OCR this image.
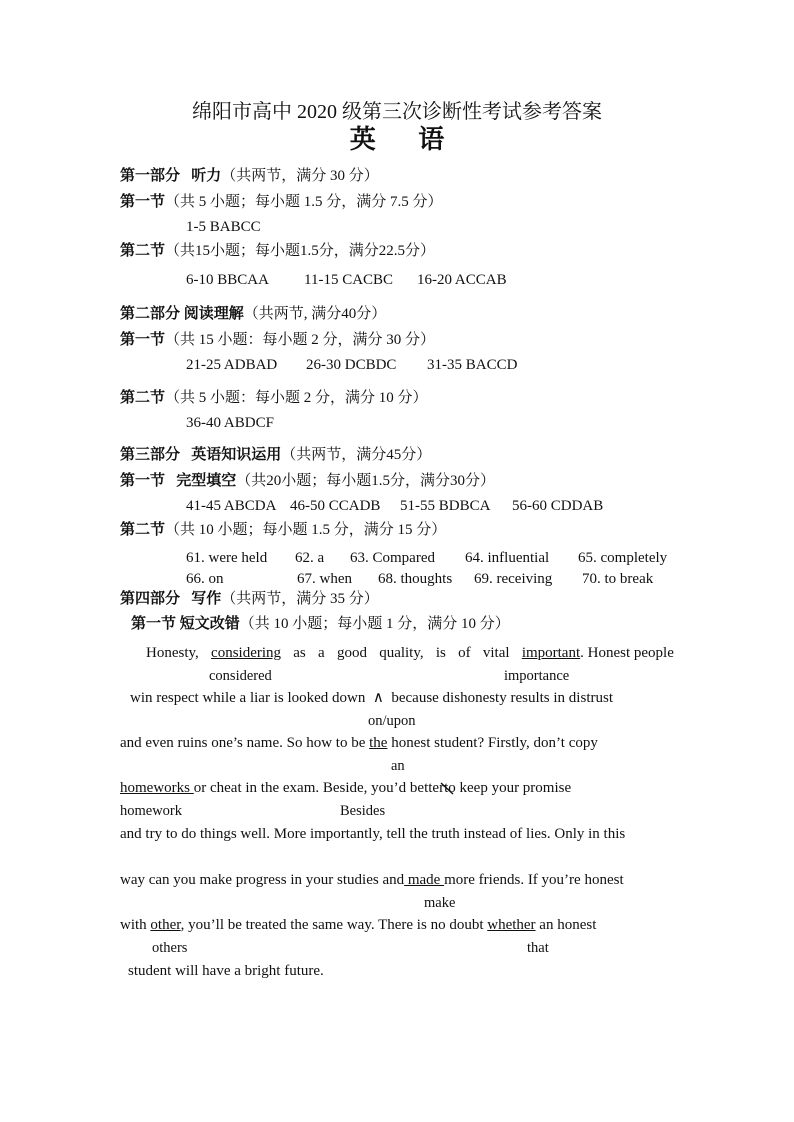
绵阳市高中 2020 级第三次诊断性考试参考答案
英 语
第一部分 听力（共两节，满分 30 分）
第一节（共 5 小题；每小题 1.5 分，满分 7.5 分）
1-5 BABCC
第二节（共15小题；每小题1.5分，满分22.5分）
6-10 BBCAA 11-15 CACBC 16-20 ACCAB
第二部分 阅读理解（共两节, 满分40分）
第一节（共 15 小题：每小题 2 分，满分 30 分）
21-25 ADBAD 26-30 DCBDC 31-35 BACCD
第二节（共 5 小题：每小题 2 分，满分 10 分）
36-40 ABDCF
第三部分 英语知识运用（共两节，满分45分）
第一节 完型填空（共20小题；每小题1.5分，满分30分）
41-45 ABCDA 46-50 CCADB 51-55 BDBCA 56-60 CDDAB
第二节（共 10 小题；每小题 1.5 分，满分 15 分）
61. were held 62. a 63. Compared 64. influential 65. completely
66. on	67. when 68. thoughts 69. receiving 70. to break
第四部分 写作（共两节，满分 35 分）
第一节 短文改错（共 10 小题；每小题 1 分，满分 10 分）
Honesty, considering as a good quality, is of vital important. Honest people
considered	importance
win respect while a liar is looked down ∧ because dishonesty results in distrust
on/upon
and even ruins one’s name. So how to be the honest student? Firstly, don’t copy
an
homeworks or cheat in the exam. Beside, you’d betterto
keep your promise
homework	Besides
and try to do things well. More importantly, tell the truth instead of lies. Only in this
way can you make progress in your studies and made more friends. If you’re honest
make
with other, you’ll be treated the same way. There is no doubt whether an honest
others	that
student will have a bright future.
